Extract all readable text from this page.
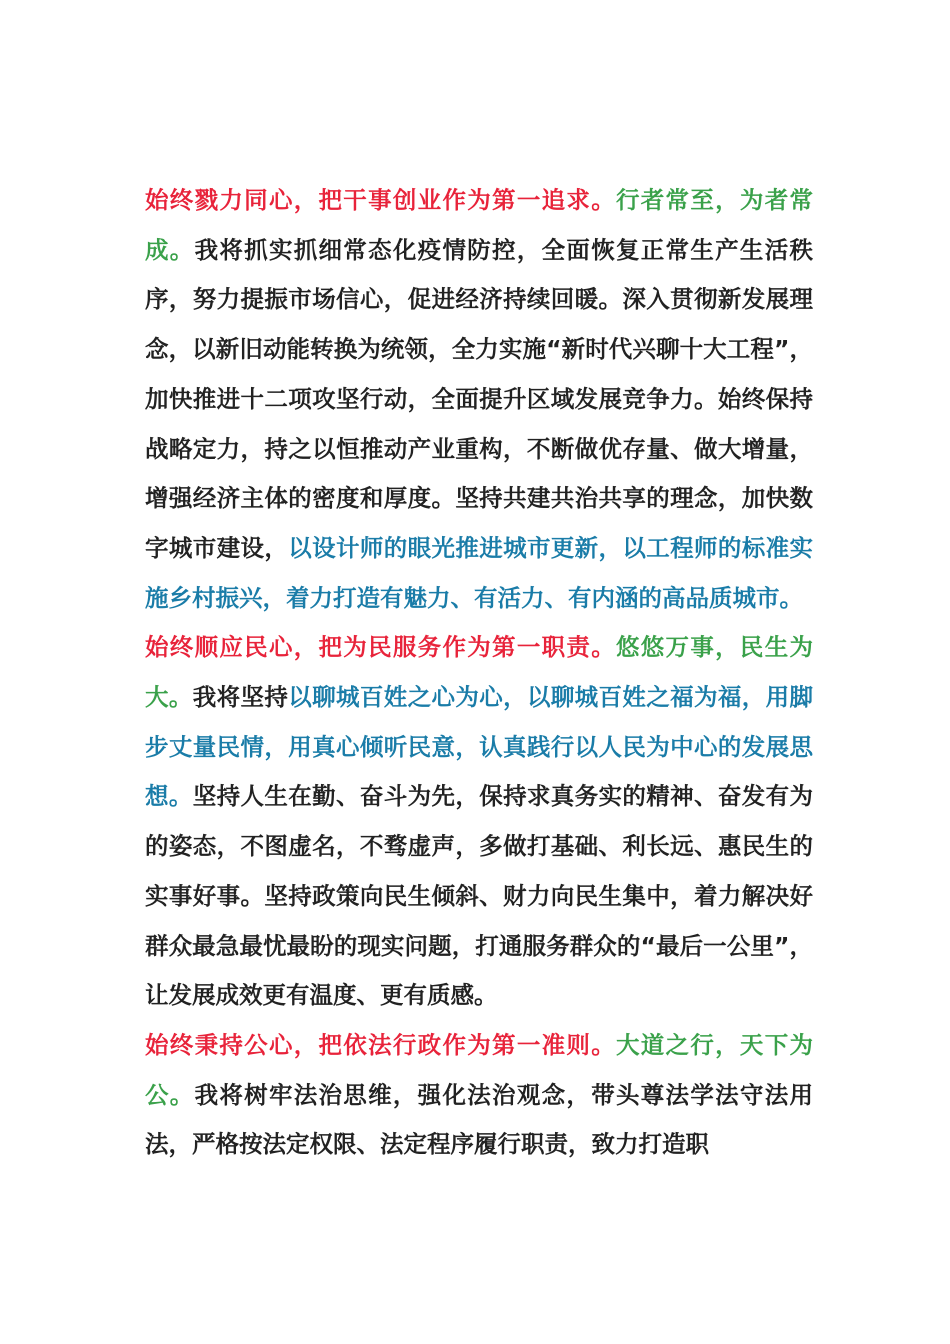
始终戮力同心，把干事创业作为第一追求。行者常至，为者常成。我将抓实抓细常态化疫情防控，全面恢复正常生产生活秩序，努力提振市场信心，促进经济持续回暖。深入贯彻新发展理念，以新旧动能转换为统领，全力实施“新时代兴聊十大工程”，加快推进十二项攻坚行动，全面提升区域发展竞争力。始终保持战略定力，持之以恒推动产业重构，不断做优存量、做大增量，增强经济主体的密度和厚度。坚持共建共治共享的理念，加快数字城市建设，以设计师的眼光推进城市更新，以工程师的标准实施乡村振兴，着力打造有魅力、有活力、有内涵的高品质城市。

始终顺应民心，把为民服务作为第一职责。悠悠万事，民生为大。我将坚持以聊城百姓之心为心，以聊城百姓之福为福，用脚步丈量民情，用真心倾听民意，认真践行以人民为中心的发展思想。坚持人生在勤、奋斗为先，保持求真务实的精神、奋发有为的姿态，不图虚名，不骛虚声，多做打基础、利长远、惠民生的实事好事。坚持政策向民生倾斜、财力向民生集中，着力解决好群众最急最忧最盼的现实问题，打通服务群众的“最后一公里”，让发展成效更有温度、更有质感。

始终秉持公心，把依法行政作为第一准则。大道之行，天下为公。我将树牢法治思维，强化法治观念，带头尊法学法守法用法，严格按法定权限、法定程序履行职责，致力打造职
